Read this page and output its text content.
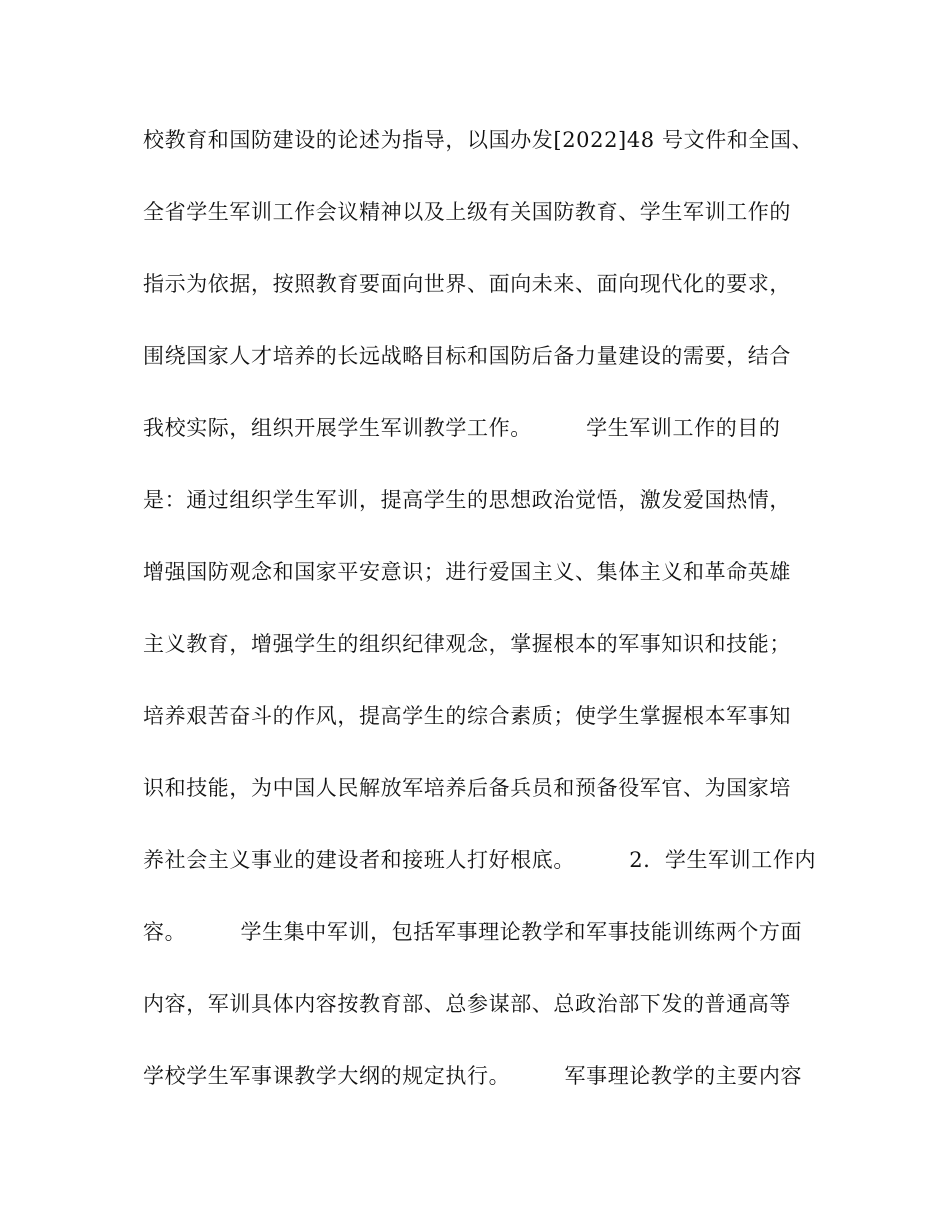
校教育和国防建设的论述为指导，以国办发[2022]48 号文件和全国、
全省学生军训工作会议精神以及上级有关国防教育、学生军训工作的
指示为依据，按照教育要面向世界、面向未来、面向现代化的要求，
围绕国家人才培养的长远战略目标和国防后备力量建设的需要，结合
我校实际，组织开展学生军训教学工作。　　　学生军训工作的目的
是：通过组织学生军训，提高学生的思想政治觉悟，激发爱国热情，
增强国防观念和国家平安意识；进行爱国主义、集体主义和革命英雄
主义教育，增强学生的组织纪律观念，掌握根本的军事知识和技能；
培养艰苦奋斗的作风，提高学生的综合素质；使学生掌握根本军事知
识和技能，为中国人民解放军培养后备兵员和预备役军官、为国家培
养社会主义事业的建设者和接班人打好根底。　　　2．学生军训工作内
容。　　　学生集中军训，包括军事理论教学和军事技能训练两个方面
内容，军训具体内容按教育部、总参谋部、总政治部下发的普通高等
学校学生军事课教学大纲的规定执行。　　　军事理论教学的主要内容
